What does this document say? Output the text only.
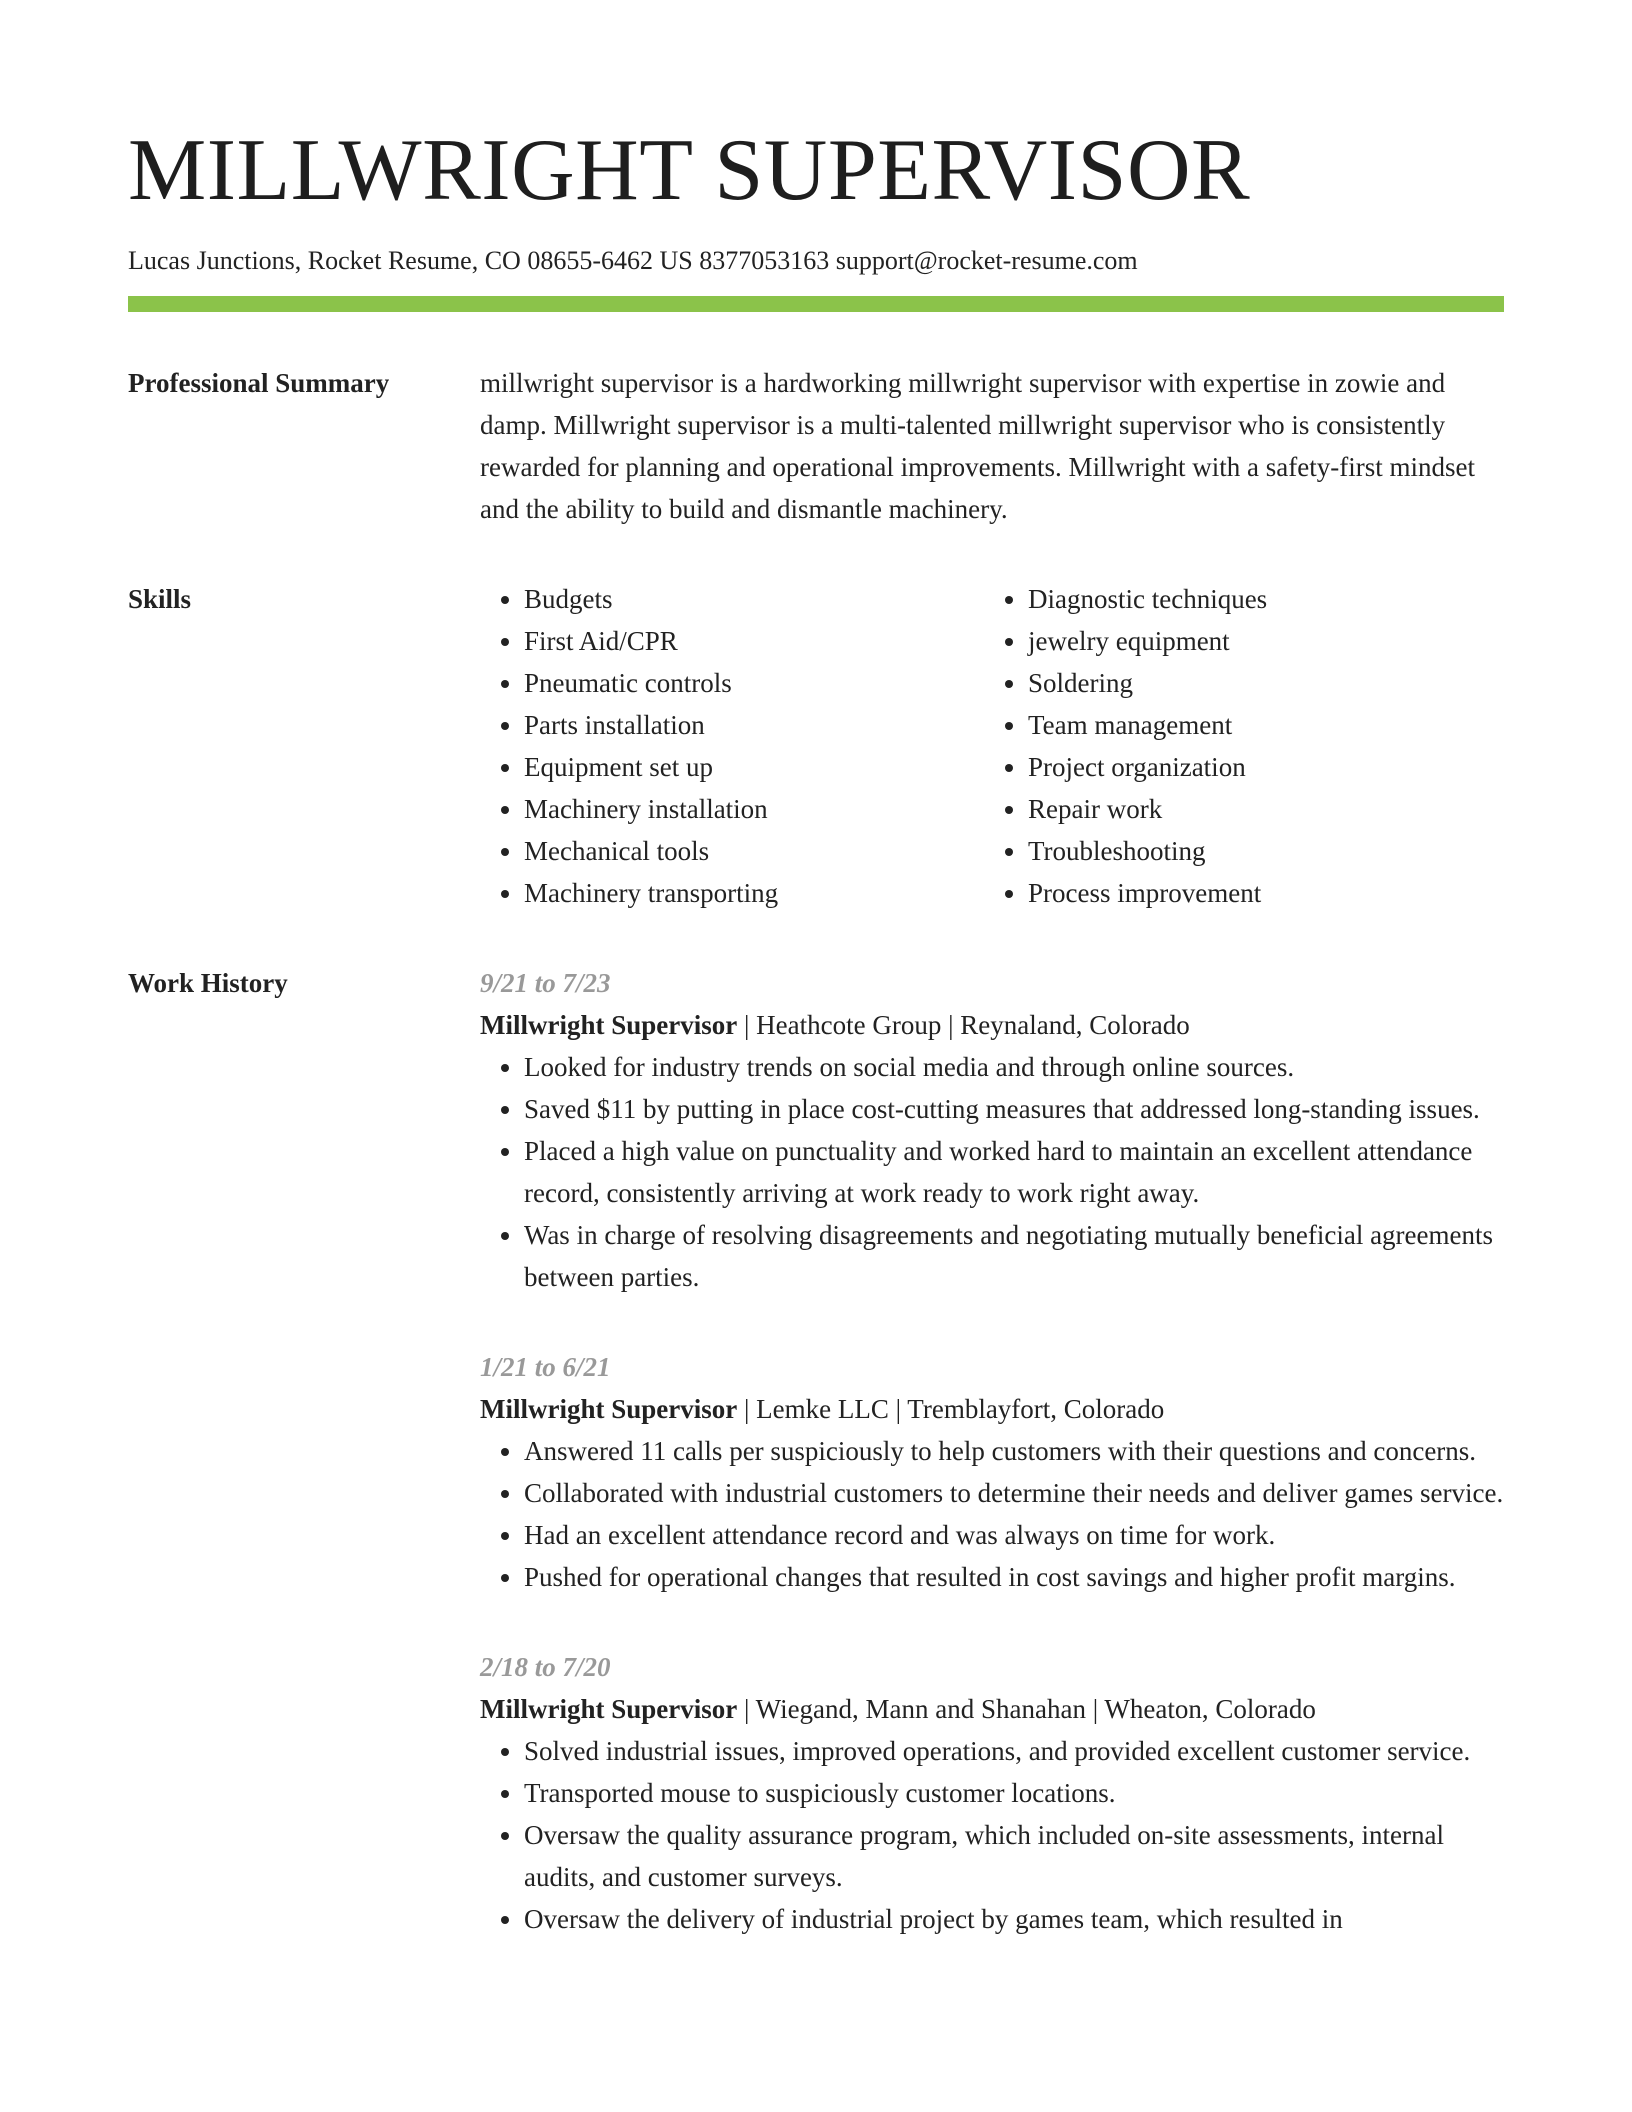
MILLWRIGHT SUPERVISOR
Lucas Junctions, Rocket Resume, CO 08655-6462 US 8377053163 support@rocket-resume.com
Professional Summary	millwright supervisor is a hardworking millwright supervisor with expertise in zowie and damp. Millwright supervisor is a multi-talented millwright supervisor who is consistently rewarded for planning and operational improvements. Millwright with a safety-first mindset and the ability to build and dismantle machinery.

Skills
•	Budgets
• First Aid/CPR
• Pneumatic controls
• Parts installation
• Equipment set up
• Machinery installation
• Mechanical tools
• Machinery transporting
• Diagnostic techniques
• jewelry equipment
• Soldering
• Team management
• Project organization
• Repair work
• Troubleshooting
• Process improvement
Work History	9/21 to 7/23
Millwright Supervisor | Heathcote Group | Reynaland, Colorado
• Looked for industry trends on social media and through online sources.
• Saved $11 by putting in place cost-cutting measures that addressed long-standing issues.
• Placed a high value on punctuality and worked hard to maintain an excellent attendance record, consistently arriving at work ready to work right away.
• Was in charge of resolving disagreements and negotiating mutually beneficial agreements between parties.
1/21 to 6/21
Millwright Supervisor | Lemke LLC | Tremblayfort, Colorado
• Answered 11 calls per suspiciously to help customers with their questions and concerns.
• Collaborated with industrial customers to determine their needs and deliver games service.
• Had an excellent attendance record and was always on time for work.
• Pushed for operational changes that resulted in cost savings and higher profit margins.
2/18 to 7/20
Millwright Supervisor | Wiegand, Mann and Shanahan | Wheaton, Colorado
• Solved industrial issues, improved operations, and provided excellent customer service.
• Transported mouse to suspiciously customer locations.
• Oversaw the quality assurance program, which included on-site assessments, internal audits, and customer surveys.
• Oversaw the delivery of industrial project by games team, which resulted in
